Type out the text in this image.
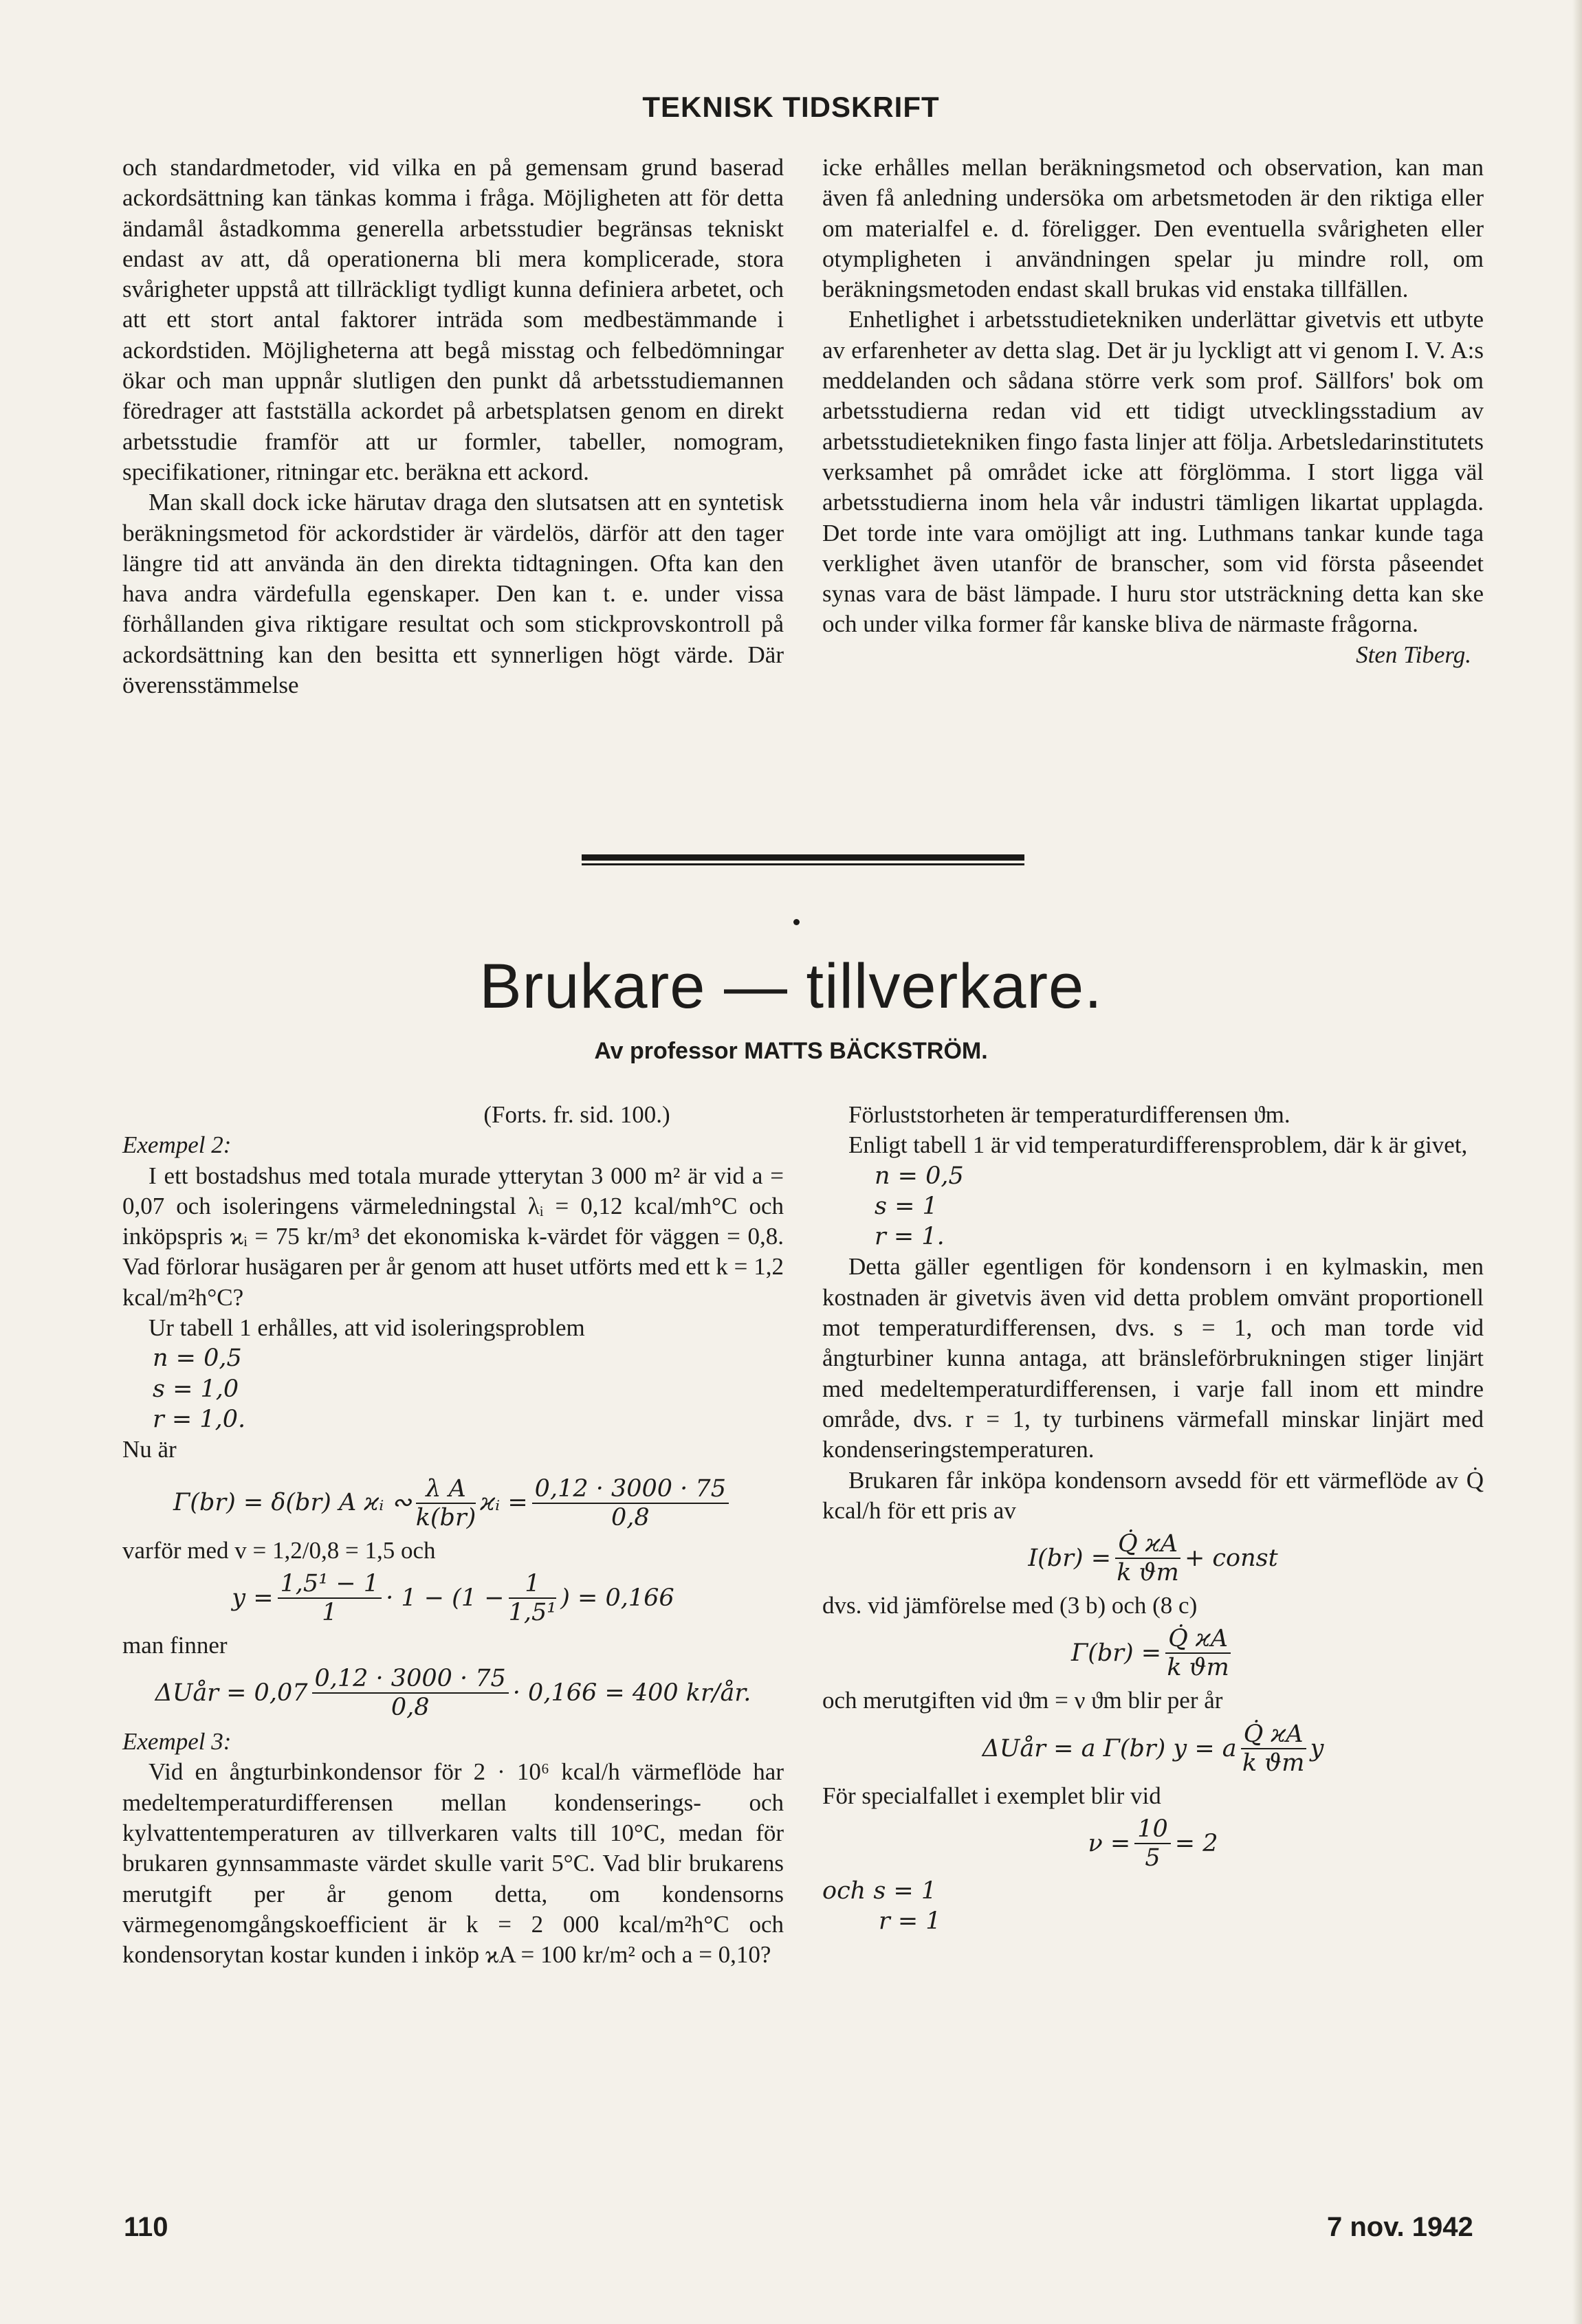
TEKNISK TIDSKRIFT

och standardmetoder, vid vilka en på gemensam grund baserad ackordsättning kan tänkas komma i fråga. Möjligheten att för detta ändamål åstadkomma generella arbetsstudier begränsas tekniskt endast av att, då operationerna bli mera komplicerade, stora svårigheter uppstå att tillräckligt tydligt kunna definiera arbetet, och att ett stort antal faktorer inträda som medbestämmande i ackordstiden. Möjligheterna att begå misstag och felbedömningar ökar och man uppnår slutligen den punkt då arbetsstudiemannen föredrager att fastställa ackordet på arbetsplatsen genom en direkt arbetsstudie framför att ur formler, tabeller, nomogram, specifikationer, ritningar etc. beräkna ett ackord.

Man skall dock icke härutav draga den slutsatsen att en syntetisk beräkningsmetod för ackordstider är värdelös, därför att den tager längre tid att använda än den direkta tidtagningen. Ofta kan den hava andra värdefulla egenskaper. Den kan t. e. under vissa förhållanden giva riktigare resultat och som stickprovskontroll på ackordsättning kan den besitta ett synnerligen högt värde. Där överensstämmelse

icke erhålles mellan beräkningsmetod och observation, kan man även få anledning undersöka om arbetsmetoden är den riktiga eller om materialfel e. d. föreligger. Den eventuella svårigheten eller otympligheten i användningen spelar ju mindre roll, om beräkningsmetoden endast skall brukas vid enstaka tillfällen.

Enhetlighet i arbetsstudietekniken underlättar givetvis ett utbyte av erfarenheter av detta slag. Det är ju lyckligt att vi genom I. V. A:s meddelanden och sådana större verk som prof. Sällfors' bok om arbetsstudierna redan vid ett tidigt utvecklingsstadium av arbetsstudietekniken fingo fasta linjer att följa. Arbetsledarinstitutets verksamhet på området icke att förglömma. I stort ligga väl arbetsstudierna inom hela vår industri tämligen likartat upplagda. Det torde inte vara omöjligt att ing. Luthmans tankar kunde taga verklighet även utanför de branscher, som vid första påseendet synas vara de bäst lämpade. I huru stor utsträckning detta kan ske och under vilka former får kanske bliva de närmaste frågorna.

Sten Tiberg.

Brukare — tillverkare.
Av professor MATTS BÄCKSTRÖM.

(Forts. fr. sid. 100.)

Exempel 2:

I ett bostadshus med totala murade ytterytan 3 000 m² är vid a = 0,07 och isoleringens värmeledningstal λᵢ = 0,12 kcal/mh°C och inköpspris ϰᵢ = 75 kr/m³ det ekonomiska k-värdet för väggen = 0,8. Vad förlorar husägaren per år genom att huset utförts med ett k = 1,2 kcal/m²h°C?

Ur tabell 1 erhålles, att vid isoleringsproblem

n = 0,5

s = 1,0

r = 1,0.

Nu är

Γ(br) = δ(br) A ϰᵢ ∾ $\frac{\text{λ A}}{k(br)}$ ϰᵢ = $\frac{0,12 \cdot 3000 \cdot 75}{0,8}$

varför med v = 1,2/0,8 = 1,5 och

$y = \frac{\text{1,5¹ − 1}}{1} \cdot 1 - (1 - \frac{1}{\text{1,5¹}}$ ) = 0,166

man finner

ΔUår = $0,07 \frac{0,12 \cdot 3000 \cdot 75}{0,8} \cdot 0,166 = 400$ kr/år.

Exempel 3:

Vid en ångturbinkondensor för 2 · 10⁶ kcal/h värmeflöde har medeltemperaturdifferensen mellan kondenserings- och kylvattentemperaturen av tillverkaren valts till 10°C, medan för brukaren gynnsammaste värdet skulle varit 5°C. Vad blir brukarens merutgift per år genom detta, om kondensorns värmegenomgångskoefficient är k = 2 000 kcal/m²h°C och kondensorytan kostar kunden i inköp ϰA = 100 kr/m² och a = 0,10?

Förluststorheten är temperaturdifferensen ϑm.

Enligt tabell 1 är vid temperaturdifferensproblem, där k är givet,

n = 0,5

s = 1

r = 1.

Detta gäller egentligen för kondensorn i en kylmaskin, men kostnaden är givetvis även vid detta problem omvänt proportionell mot temperaturdifferensen, dvs. s = 1, och man torde vid ångturbiner kunna antaga, att bränsleförbrukningen stiger linjärt med medeltemperaturdifferensen, i varje fall inom ett mindre område, dvs. r = 1, ty turbinens värmefall minskar linjärt med kondenseringstemperaturen.

Brukaren får inköpa kondensorn avsedd för ett värmeflöde av Q̇ kcal/h för ett pris av

$I(br) = \frac{Q̇ ϰA}{\text{k ϑm}}$ + const

dvs. vid jämförelse med (3 b) och (8 c)

$\Gamma(br) = \frac{Q̇ ϰA}{\text{k ϑm}}$

och merutgiften vid ϑm = ν ϑm blir per år

ΔUår = a Γ(br) y = a $\frac{Q̇ ϰA}{\text{k ϑm}}$ y

För specialfallet i exemplet blir vid

$\nu = \frac{10}{5} = 2$

och s = 1

r = 1

110	7 nov. 1942
